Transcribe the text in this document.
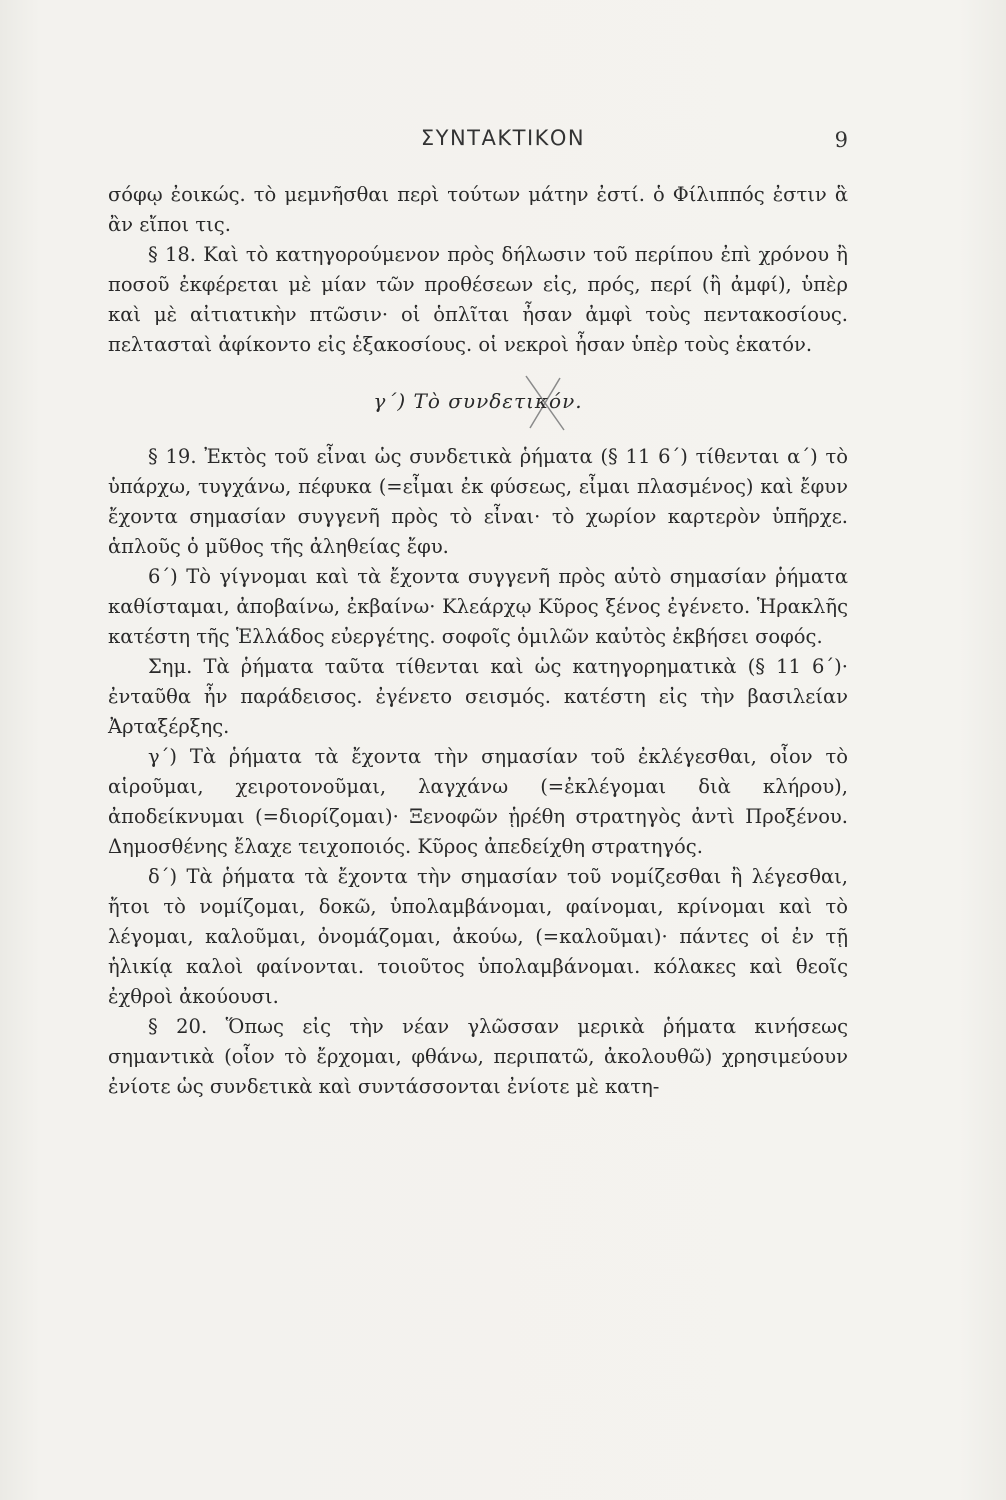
ΣΥΝΤΑΚΤΙΚΟΝ	9

σόφῳ ἐοικώς. τὸ μεμνῆσθαι περὶ τούτων μάτην ἐστί. ὁ Φίλιππός ἐστιν ἃ ἂν εἴποι τις.

§ 18. Καὶ τὸ κατηγορούμενον πρὸς δήλωσιν τοῦ περίπου ἐπὶ χρόνου ἢ ποσοῦ ἐκφέρεται μὲ μίαν τῶν προθέσεων εἰς, πρός, περί (ἢ ἀμφί), ὑπὲρ καὶ μὲ αἰτιατικὴν πτῶσιν· οἱ ὁπλῖται ἦσαν ἀμφὶ τοὺς πεντακοσίους. πελτασταὶ ἀφίκοντο εἰς ἑξακοσίους. οἱ νεκροὶ ἦσαν ὑπὲρ τοὺς ἑκατόν.

γ΄) Τὸ συνδετικόν.

§ 19. Ἐκτὸς τοῦ εἶναι ὡς συνδετικὰ ῥήματα (§ 11 6΄) τίθενται α΄) τὸ ὑπάρχω, τυγχάνω, πέφυκα (=εἶμαι ἐκ φύσεως, εἶμαι πλασμένος) καὶ ἔφυν ἔχοντα σημασίαν συγγενῆ πρὸς τὸ εἶναι· τὸ χωρίον καρτερὸν ὑπῆρχε. ἁπλοῦς ὁ μῦθος τῆς ἀληθείας ἔφυ.

6΄) Τὸ γίγνομαι καὶ τὰ ἔχοντα συγγενῆ πρὸς αὐτὸ σημασίαν ῥήματα καθίσταμαι, ἀποβαίνω, ἐκβαίνω· Κλεάρχῳ Κῦρος ξένος ἐγένετο. Ἡρακλῆς κατέστη τῆς Ἑλλάδος εὐεργέτης. σοφοῖς ὁμιλῶν καὐτὸς ἐκβήσει σοφός.

Σημ. Τὰ ῥήματα ταῦτα τίθενται καὶ ὡς κατηγορηματικὰ (§ 11 6΄)· ἐνταῦθα ἦν παράδεισος. ἐγένετο σεισμός. κατέστη εἰς τὴν βασιλείαν Ἀρταξέρξης.

γ΄) Τὰ ῥήματα τὰ ἔχοντα τὴν σημασίαν τοῦ ἐκλέγεσθαι, οἷον τὸ αἱροῦμαι, χειροτονοῦμαι, λαγχάνω (=ἐκλέγομαι διὰ κλήρου), ἀποδείκνυμαι (=διορίζομαι)· Ξενοφῶν ᾑρέθη στρατηγὸς ἀντὶ Προξένου. Δημοσθένης ἔλαχε τειχοποιός. Κῦρος ἀπεδείχθη στρατηγός.

δ΄) Τὰ ῥήματα τὰ ἔχοντα τὴν σημασίαν τοῦ νομίζεσθαι ἢ λέγεσθαι, ἤτοι τὸ νομίζομαι, δοκῶ, ὑπολαμβάνομαι, φαίνομαι, κρίνομαι καὶ τὸ λέγομαι, καλοῦμαι, ὀνομάζομαι, ἀκούω, (=καλοῦμαι)· πάντες οἱ ἐν τῇ ἡλικίᾳ καλοὶ φαίνονται. τοιοῦτος ὑπολαμβάνομαι. κόλακες καὶ θεοῖς ἐχθροὶ ἀκούουσι.

§ 20. Ὅπως εἰς τὴν νέαν γλῶσσαν μερικὰ ῥήματα κινήσεως σημαντικὰ (οἷον τὸ ἔρχομαι, φθάνω, περιπατῶ, ἀκολουθῶ) χρησιμεύουν ἐνίοτε ὡς συνδετικὰ καὶ συντάσσονται ἐνίοτε μὲ κατη-
